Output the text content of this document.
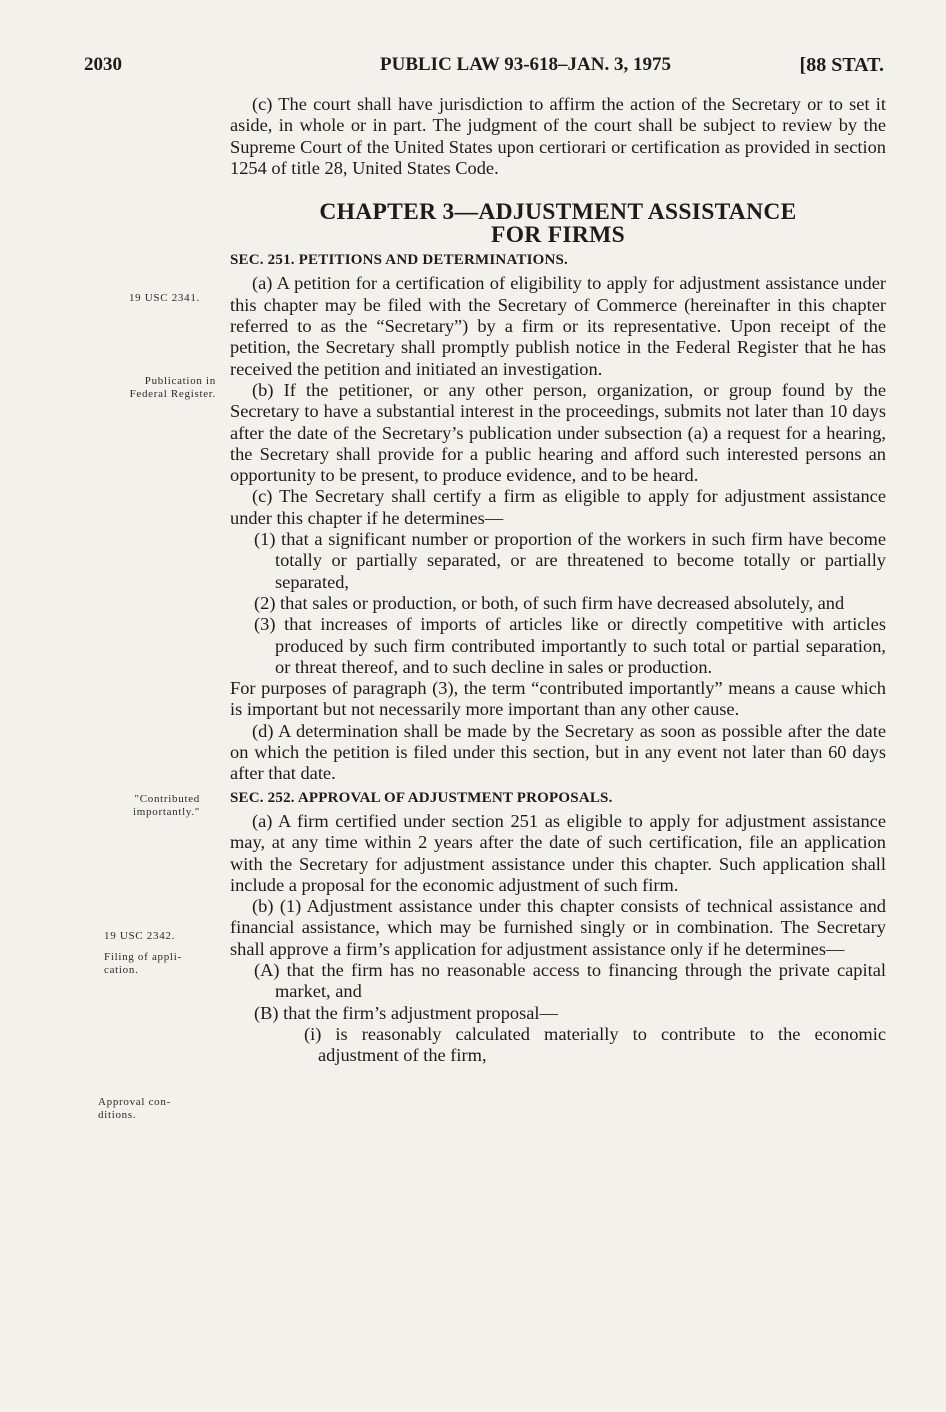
2030	PUBLIC LAW 93-618–JAN. 3, 1975	[88 STAT.
19 USC 2341.
Publication in
Federal Register.
"Contributed
importantly."
19 USC 2342.
Filing of appli-
cation.
Approval con-
ditions.

(c) The court shall have jurisdiction to affirm the action of the Secretary or to set it aside, in whole or in part. The judgment of the court shall be subject to review by the Supreme Court of the United States upon certiorari or certification as provided in section 1254 of title 28, United States Code.

CHAPTER 3—ADJUSTMENT ASSISTANCE
FOR FIRMS

SEC. 251. PETITIONS AND DETERMINATIONS.

(a) A petition for a certification of eligibility to apply for adjustment assistance under this chapter may be filed with the Secretary of Commerce (hereinafter in this chapter referred to as the “Secretary”) by a firm or its representative. Upon receipt of the petition, the Secretary shall promptly publish notice in the Federal Register that he has received the petition and initiated an investigation.

(b) If the petitioner, or any other person, organization, or group found by the Secretary to have a substantial interest in the proceedings, submits not later than 10 days after the date of the Secretary’s publication under subsection (a) a request for a hearing, the Secretary shall provide for a public hearing and afford such interested persons an opportunity to be present, to produce evidence, and to be heard.

(c) The Secretary shall certify a firm as eligible to apply for adjustment assistance under this chapter if he determines—

(1) that a significant number or proportion of the workers in such firm have become totally or partially separated, or are threatened to become totally or partially separated,

(2) that sales or production, or both, of such firm have decreased absolutely, and

(3) that increases of imports of articles like or directly competitive with articles produced by such firm contributed importantly to such total or partial separation, or threat thereof, and to such decline in sales or production.

For purposes of paragraph (3), the term “contributed importantly” means a cause which is important but not necessarily more important than any other cause.

(d) A determination shall be made by the Secretary as soon as possible after the date on which the petition is filed under this section, but in any event not later than 60 days after that date.

SEC. 252. APPROVAL OF ADJUSTMENT PROPOSALS.

(a) A firm certified under section 251 as eligible to apply for adjustment assistance may, at any time within 2 years after the date of such certification, file an application with the Secretary for adjustment assistance under this chapter. Such application shall include a proposal for the economic adjustment of such firm.

(b) (1) Adjustment assistance under this chapter consists of technical assistance and financial assistance, which may be furnished singly or in combination. The Secretary shall approve a firm’s application for adjustment assistance only if he determines—

(A) that the firm has no reasonable access to financing through the private capital market, and

(B) that the firm’s adjustment proposal—

(i) is reasonably calculated materially to contribute to the economic adjustment of the firm,
